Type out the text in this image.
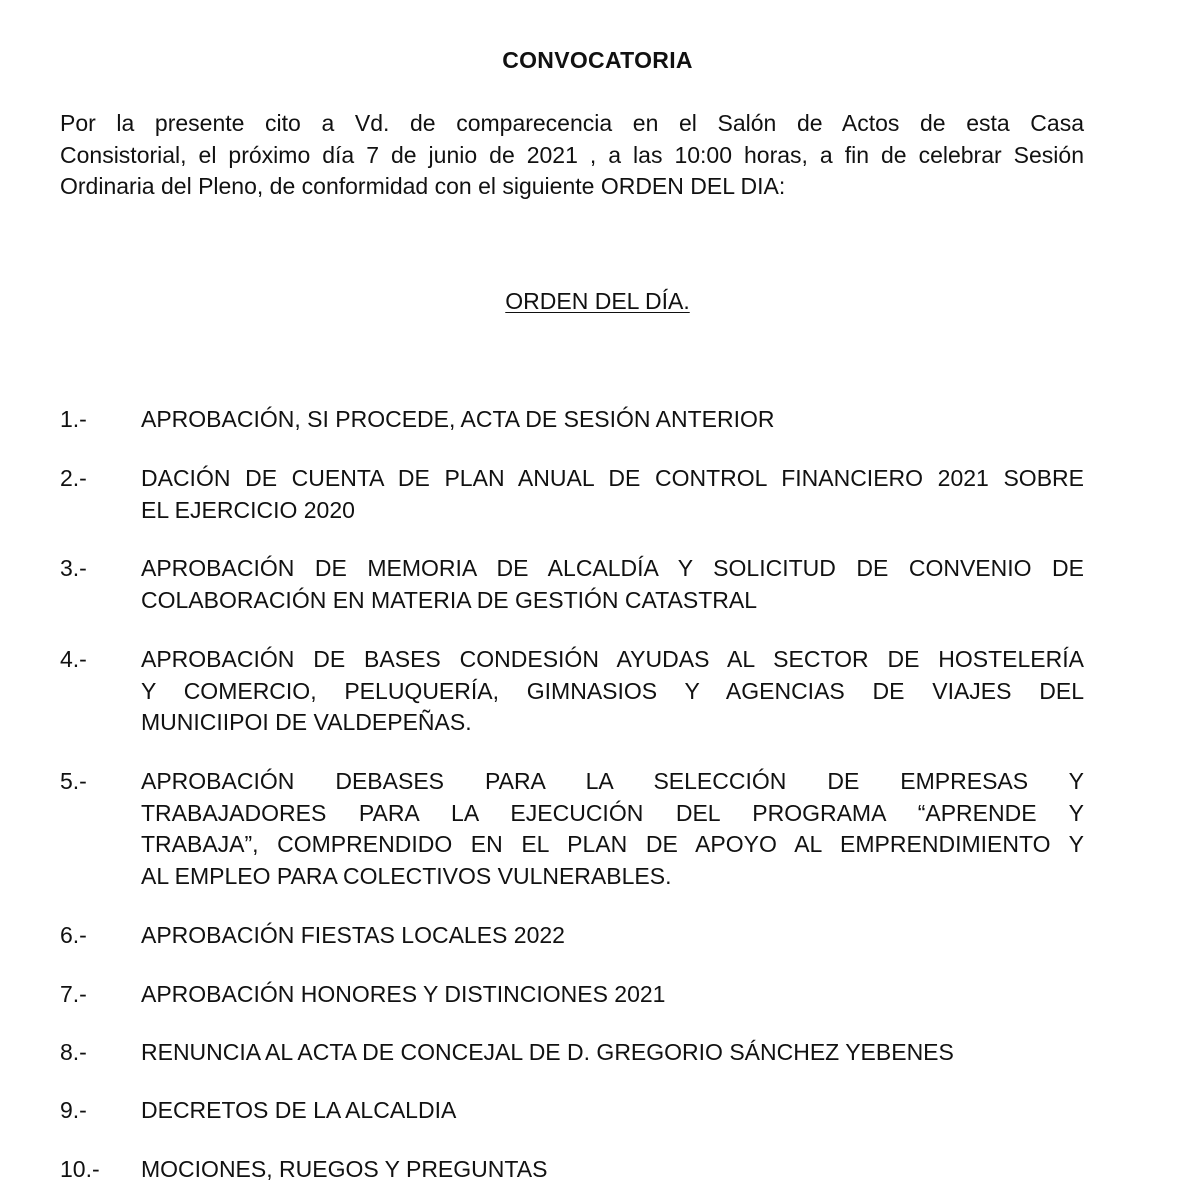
CONVOCATORIA
Por la presente cito a Vd. de comparecencia en el Salón de Actos de esta Casa
Consistorial, el próximo día 7 de junio de 2021 , a las 10:00 horas, a fin de celebrar Sesión
Ordinaria del Pleno, de conformidad con el siguiente ORDEN DEL DIA:
ORDEN DEL DÍA.
1.-	APROBACIÓN, SI PROCEDE, ACTA DE SESIÓN ANTERIOR
2.-	DACIÓN DE CUENTA DE PLAN ANUAL DE CONTROL FINANCIERO 2021 SOBRE
EL EJERCICIO 2020
3.-	APROBACIÓN DE MEMORIA DE ALCALDÍA Y SOLICITUD DE CONVENIO DE
COLABORACIÓN EN MATERIA DE GESTIÓN CATASTRAL
4.-	APROBACIÓN DE BASES CONDESIÓN AYUDAS AL SECTOR DE HOSTELERÍA
Y COMERCIO, PELUQUERÍA, GIMNASIOS Y AGENCIAS DE VIAJES DEL
MUNICIIPOI DE VALDEPEÑAS.
5.-	APROBACIÓN DEBASES PARA LA SELECCIÓN DE EMPRESAS Y
TRABAJADORES PARA LA EJECUCIÓN DEL PROGRAMA “APRENDE Y
TRABAJA”, COMPRENDIDO EN EL PLAN DE APOYO AL EMPRENDIMIENTO Y
AL EMPLEO PARA COLECTIVOS VULNERABLES.
6.-	APROBACIÓN FIESTAS LOCALES 2022
7.-	APROBACIÓN HONORES Y DISTINCIONES 2021
8.-	RENUNCIA AL ACTA DE CONCEJAL DE D. GREGORIO SÁNCHEZ YEBENES
9.-	DECRETOS DE LA ALCALDIA
10.-	MOCIONES, RUEGOS Y PREGUNTAS
